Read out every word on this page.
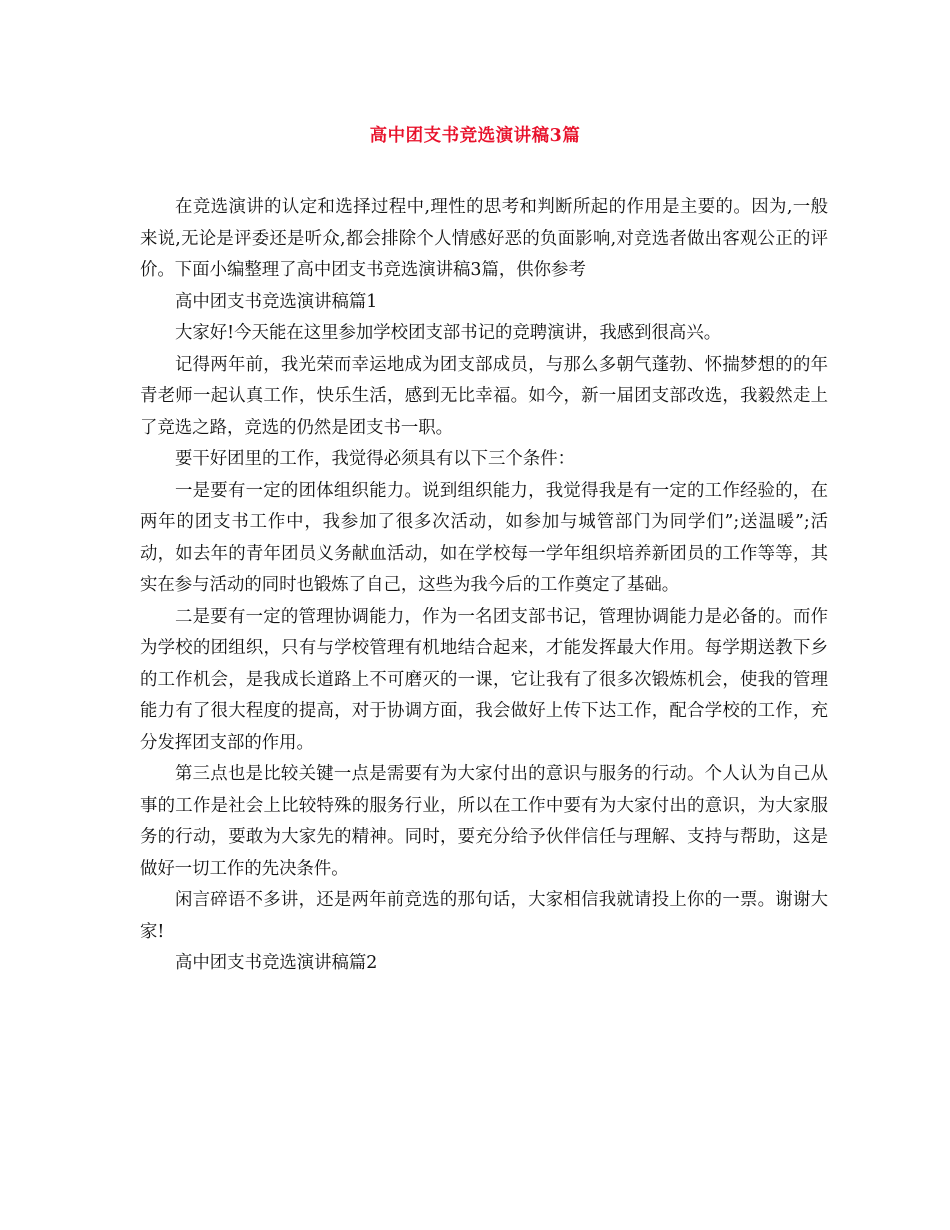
高中团支书竞选演讲稿3篇

在竞选演讲的认定和选择过程中,理性的思考和判断所起的作用是主要的。因为,一般来说,无论是评委还是听众,都会排除个人情感好恶的负面影响,对竞选者做出客观公正的评价。下面小编整理了高中团支书竞选演讲稿3篇，供你参考

高中团支书竞选演讲稿篇1

大家好!今天能在这里参加学校团支部书记的竞聘演讲，我感到很高兴。

记得两年前，我光荣而幸运地成为团支部成员，与那么多朝气蓬勃、怀揣梦想的的年青老师一起认真工作，快乐生活，感到无比幸福。如今，新一届团支部改选，我毅然走上了竞选之路，竞选的仍然是团支书一职。

要干好团里的工作，我觉得必须具有以下三个条件：

一是要有一定的团体组织能力。说到组织能力，我觉得我是有一定的工作经验的，在两年的团支书工作中，我参加了很多次活动，如参加与城管部门为同学们”;送温暖”;活动，如去年的青年团员义务献血活动，如在学校每一学年组织培养新团员的工作等等，其实在参与活动的同时也锻炼了自己，这些为我今后的工作奠定了基础。

二是要有一定的管理协调能力，作为一名团支部书记，管理协调能力是必备的。而作为学校的团组织，只有与学校管理有机地结合起来，才能发挥最大作用。每学期送教下乡的工作机会，是我成长道路上不可磨灭的一课，它让我有了很多次锻炼机会，使我的管理能力有了很大程度的提高，对于协调方面，我会做好上传下达工作，配合学校的工作，充分发挥团支部的作用。

第三点也是比较关键一点是需要有为大家付出的意识与服务的行动。个人认为自己从事的工作是社会上比较特殊的服务行业，所以在工作中要有为大家付出的意识，为大家服务的行动，要敢为大家先的精神。同时，要充分给予伙伴信任与理解、支持与帮助，这是做好一切工作的先决条件。

闲言碎语不多讲，还是两年前竞选的那句话，大家相信我就请投上你的一票。谢谢大家!

高中团支书竞选演讲稿篇2
